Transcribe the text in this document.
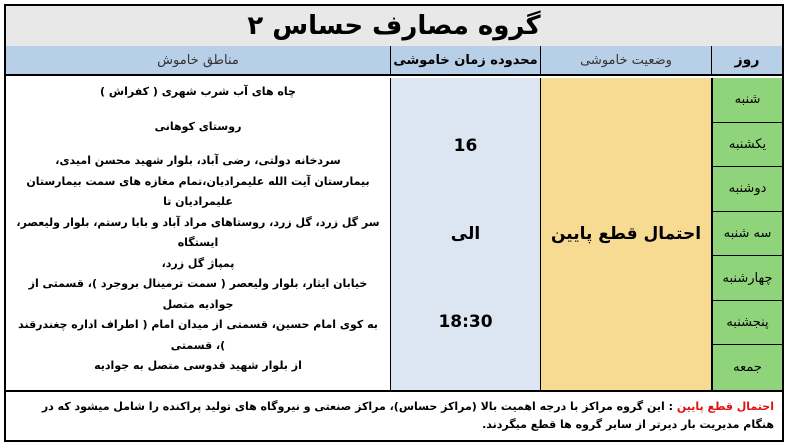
گروه مصارف حساس ۲
روز
وضعیت خاموشی
محدوده زمان خاموشی
مناطق خاموش
شنبه
یکشنبه
دوشنبه
سه شنبه
چهارشنبه
پنجشنبه
جمعه
احتمال قطع پایین
16
الی
18:30
چاه های آب شرب شهری ( کفراش )
روستای کوهانی
سردخانه دولتی، رضی آباد، بلوار شهید محسن امیدی،
بیمارستان آیت الله علیمرادیان،تمام مغازه های سمت بیمارستان علیمرادیان تا
سر گل زرد، گل زرد، روستاهای مراد آباد و بابا رستم، بلوار ولیعصر، ایستگاه
پمپاژ گل زرد،
خیابان ایثار، بلوار ولیعصر ( سمت ترمینال بروجرد )، قسمتی از جواديه متصل
به کوی امام حسین، قسمتی از میدان امام ( اطراف اداره چغندرقند )، قسمتی
از بلوار شهید قدوسی متصل به جواديه
احتمال قطع پایین : این گروه مراکز با درجه اهمیت بالا (مراکز حساس)، مراکز صنعتی و نیروگاه های تولید پراکنده را شامل میشود که در هنگام مدیریت بار دیرتر از سایر گروه ها قطع میگردند.
